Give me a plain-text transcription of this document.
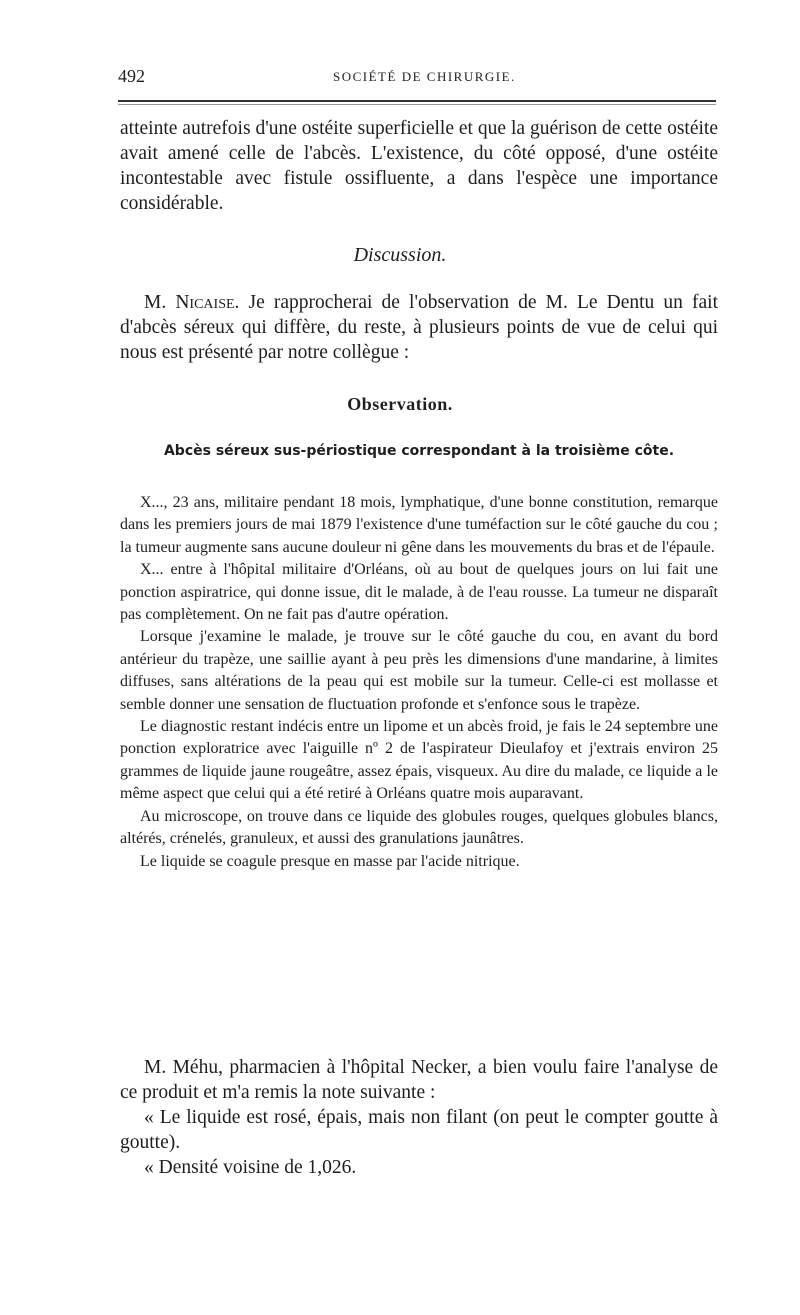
492	SOCIÉTÉ DE CHIRURGIE.

atteinte autrefois d'une ostéite superficielle et que la guérison de cette ostéite avait amené celle de l'abcès. L'existence, du côté opposé, d'une ostéite incontestable avec fistule ossifluente, a dans l'espèce une importance considérable.

Discussion.

M. Nicaise. Je rapprocherai de l'observation de M. Le Dentu un fait d'abcès séreux qui diffère, du reste, à plusieurs points de vue de celui qui nous est présenté par notre collègue :

Observation.
Abcès séreux sus-périostique correspondant à la troisième côte.

X..., 23 ans, militaire pendant 18 mois, lymphatique, d'une bonne constitution, remarque dans les premiers jours de mai 1879 l'existence d'une tuméfaction sur le côté gauche du cou ; la tumeur augmente sans aucune douleur ni gêne dans les mouvements du bras et de l'épaule.

X... entre à l'hôpital militaire d'Orléans, où au bout de quelques jours on lui fait une ponction aspiratrice, qui donne issue, dit le malade, à de l'eau rousse. La tumeur ne disparaît pas complètement. On ne fait pas d'autre opération.

Lorsque j'examine le malade, je trouve sur le côté gauche du cou, en avant du bord antérieur du trapèze, une saillie ayant à peu près les dimensions d'une mandarine, à limites diffuses, sans altérations de la peau qui est mobile sur la tumeur. Celle-ci est mollasse et semble donner une sensation de fluctuation profonde et s'enfonce sous le trapèze.

Le diagnostic restant indécis entre un lipome et un abcès froid, je fais le 24 septembre une ponction exploratrice avec l'aiguille nº 2 de l'aspirateur Dieulafoy et j'extrais environ 25 grammes de liquide jaune rougeâtre, assez épais, visqueux. Au dire du malade, ce liquide a le même aspect que celui qui a été retiré à Orléans quatre mois auparavant.

Au microscope, on trouve dans ce liquide des globules rouges, quelques globules blancs, altérés, crénelés, granuleux, et aussi des granulations jaunâtres.

Le liquide se coagule presque en masse par l'acide nitrique.

M. Méhu, pharmacien à l'hôpital Necker, a bien voulu faire l'analyse de ce produit et m'a remis la note suivante :

« Le liquide est rosé, épais, mais non filant (on peut le compter goutte à goutte).

« Densité voisine de 1,026.
